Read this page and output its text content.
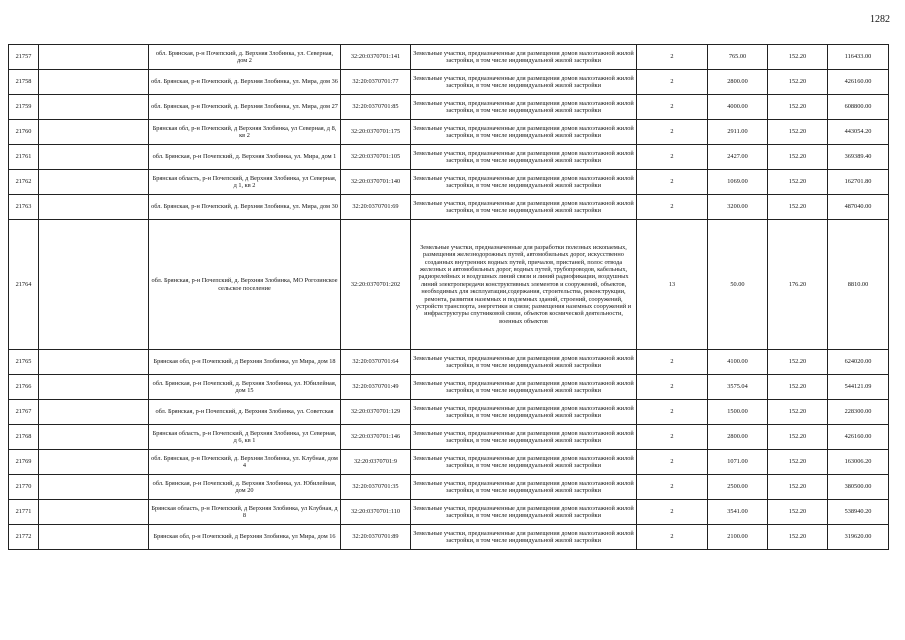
1282
21757		обл. Брянская, р-н Почепский, д. Верхняя Злобинка, ул. Северная, дом 2	32:20:0370701:141	Земельные участки, предназначенные для размещения домов малоэтажной жилой застройки, в том числе индивидуальной жилой застройки	2	765.00	152.20	116433.00
21758		обл. Брянская, р-н Почепский, д. Верхняя Злобинка, ул. Мира, дом 36	32:20:0370701:77	Земельные участки, предназначенные для размещения домов малоэтажной жилой застройки, в том числе индивидуальной жилой застройки	2	2800.00	152.20	426160.00
21759		обл. Брянская, р-н Почепский, д. Верхняя Злобинка, ул. Мира, дом 27	32:20:0370701:85	Земельные участки, предназначенные для размещения домов малоэтажной жилой застройки, в том числе индивидуальной жилой застройки	2	4000.00	152.20	608800.00
21760		Брянская обл, р-н Почепский, д Верхняя Злобинка, ул Северная, д 8, кв 2	32:20:0370701:175	Земельные участки, предназначенные для размещения домов малоэтажной жилой застройки, в том числе индивидуальной жилой застройки	2	2911.00	152.20	443054.20
21761		обл. Брянская, р-н Почепский, д. Верхняя Злобинка, ул. Мира, дом 1	32:20:0370701:105	Земельные участки, предназначенные для размещения домов малоэтажной жилой застройки, в том числе индивидуальной жилой застройки	2	2427.00	152.20	369389.40
21762		Брянская область, р-н Почепский, д Верхняя Злобинка, ул Северная, д 1, кв 2	32:20:0370701:140	Земельные участки, предназначенные для размещения домов малоэтажной жилой застройки, в том числе индивидуальной жилой застройки	2	1069.00	152.20	162701.80
21763		обл. Брянская, р-н Почепский, д. Верхняя Злобинка, ул. Мира, дом 30	32:20:0370701:69	Земельные участки, предназначенные для размещения домов малоэтажной жилой застройки, в том числе индивидуальной жилой застройки	2	3200.00	152.20	487040.00
21764		обл. Брянская, р-н Почепский, д. Верхняя Злобинка, МО Рогозинское сельское поселение	32:20:0370701:202	Земельные участки, предназначенные для разработки полезных ископаемых, размещения железнодорожных путей, автомобильных дорог, искусственно созданных внутренних водных путей, причалов, пристаней, полос отвода железных и автомобильных дорог, водных путей, трубопроводов, кабельных, радиорелейных и воздушных линий связи и линий радиофикации, воздушных линий электропередачи конструктивных элементов и сооружений, объектов, необходимых для эксплуатации,содержания, строительства, реконструкции, ремонта, развития наземных и подземных зданий, строений, сооружений, устройств транспорта, энергетики и связи; размещения наземных сооружений и инфраструктуры спутниковой связи, объектов космической деятельности, военных объектов	13	50.00	176.20	8810.00
21765		Брянская обл, р-н Почепский, д Верхняя Злобинка, ул Мира, дом 18	32:20:0370701:64	Земельные участки, предназначенные для размещения домов малоэтажной жилой застройки, в том числе индивидуальной жилой застройки	2	4100.00	152.20	624020.00
21766		обл. Брянская, р-н Почепский, д. Верхняя Злобинка, ул. Юбилейная, дом 15	32:20:0370701:49	Земельные участки, предназначенные для размещения домов малоэтажной жилой застройки, в том числе индивидуальной жилой застройки	2	3575.04	152.20	544121.09
21767		обл. Брянская, р-н Почепский, д. Верхняя Злобинка, ул. Советская	32:20:0370701:129	Земельные участки, предназначенные для размещения домов малоэтажной жилой застройки, в том числе индивидуальной жилой застройки	2	1500.00	152.20	228300.00
21768		Брянская область, р-н Почепский, д Верхняя Злобинка, ул Северная, д 6, кв 1	32:20:0370701:146	Земельные участки, предназначенные для размещения домов малоэтажной жилой застройки, в том числе индивидуальной жилой застройки	2	2800.00	152.20	426160.00
21769		обл. Брянская, р-н Почепский, д. Верхняя Злобинка, ул. Клубная, дом 4	32:20:0370701:9	Земельные участки, предназначенные для размещения домов малоэтажной жилой застройки, в том числе индивидуальной жилой застройки	2	1071.00	152.20	163006.20
21770		обл. Брянская, р-н Почепский, д. Верхняя Злобинка, ул. Юбилейная, дом 20	32:20:0370701:35	Земельные участки, предназначенные для размещения домов малоэтажной жилой застройки, в том числе индивидуальной жилой застройки	2	2500.00	152.20	380500.00
21771		Брянская область, р-н Почепский, д Верхняя Злобинка, ул Клубная, д 8	32:20:0370701:110	Земельные участки, предназначенные для размещения домов малоэтажной жилой застройки, в том числе индивидуальной жилой застройки	2	3541.00	152.20	538940.20
21772		Брянская обл, р-н Почепский, д Верхняя Злобинка, ул Мира, дом 16	32:20:0370701:89	Земельные участки, предназначенные для размещения домов малоэтажной жилой застройки, в том числе индивидуальной жилой застройки	2	2100.00	152.20	319620.00
